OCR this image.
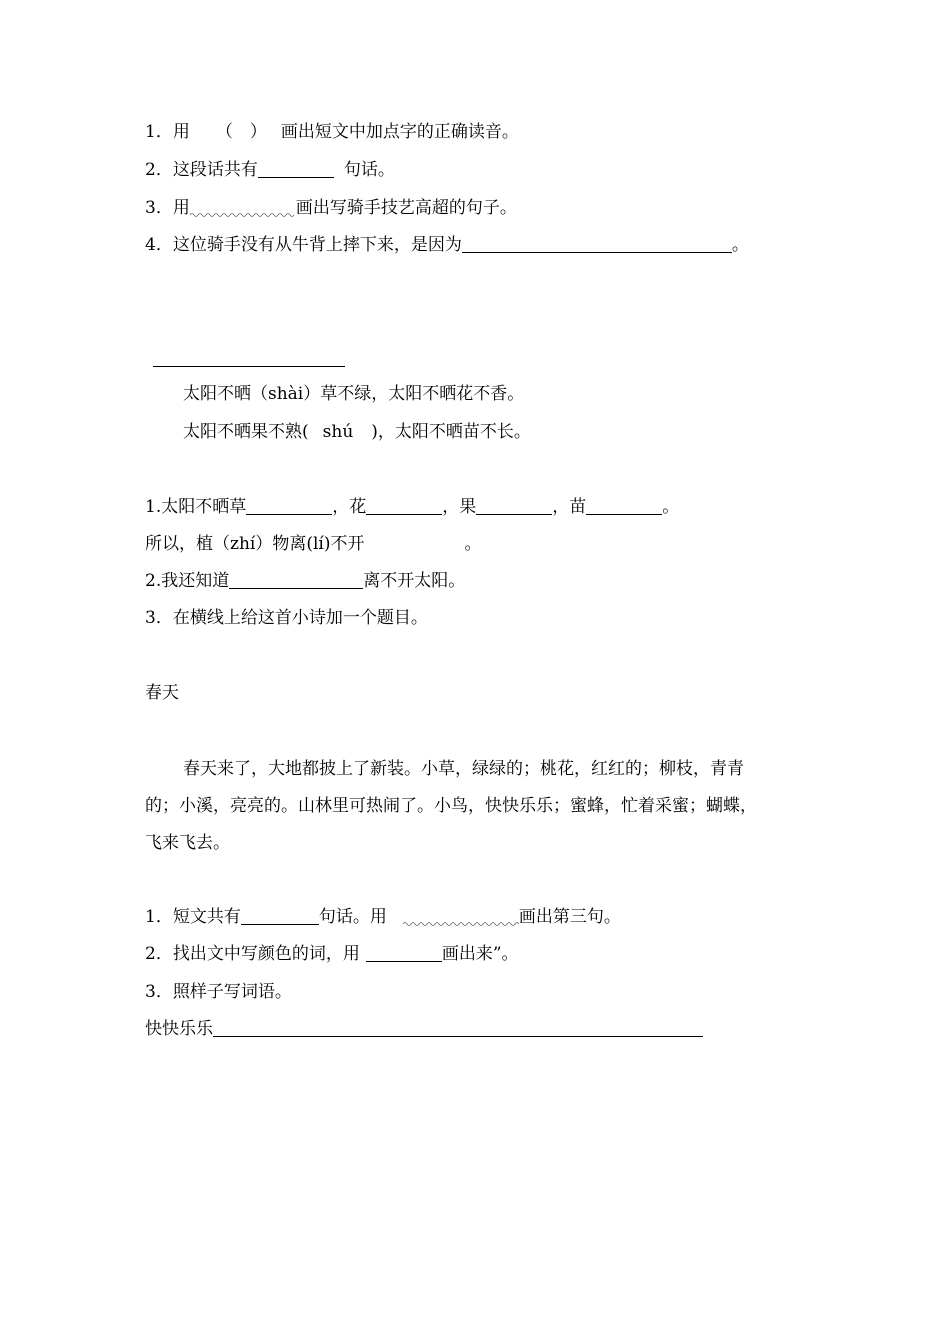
1．用 （　） 画出短文中加点字的正确读音。
2．这段话共有	句话。
3．用	画出写骑手技艺高超的句子。
4．这位骑手没有从牛背上摔下来，是因为	。
太阳不晒（shài）草不绿，太阳不晒花不香。
太阳不晒果不熟( shú )，太阳不晒苗不长。
1.太阳不晒草	，花	，果	，苗	。
所以，植（zhí）物离(lí)不开	。
2.我还知道	离不开太阳。
3．在横线上给这首小诗加一个题目。
春天
春天来了，大地都披上了新装。小草，绿绿的；桃花，红红的；柳枝，青青
的；小溪，亮亮的。山林里可热闹了。小鸟，快快乐乐；蜜蜂，忙着采蜜；蝴蝶，
飞来飞去。
1．短文共有	句话。用	画出第三句。
2．找出文中写颜色的词，用	画出来”。
3．照样子写词语。
快快乐乐
